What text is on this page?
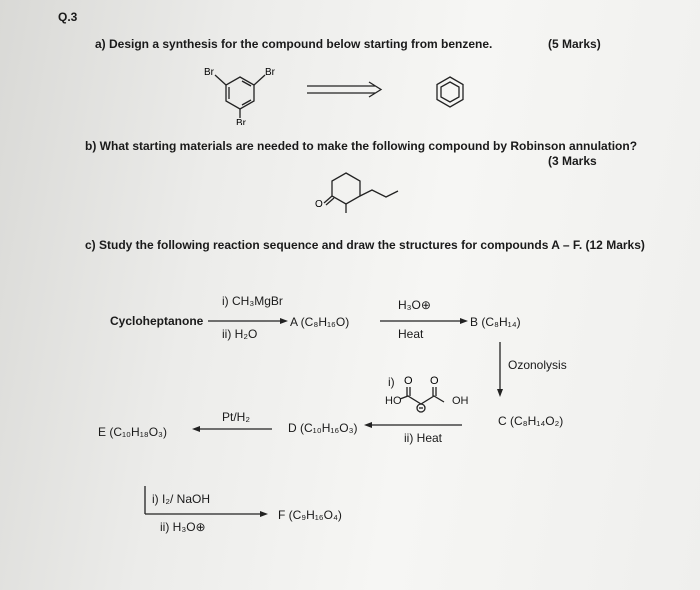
Q.3
a) Design a synthesis for the compound below starting from benzene.	(5 Marks)
Br	Br
Br
b) What starting materials are needed to make the following compound by Robinson annulation?
(3 Marks
O
c) Study the following reaction sequence and draw the structures for compounds A – F. (12 Marks)
Cycloheptanone
i) CH₃MgBr
ii) H₂O
A (C₈H₁₆O)
H₃O⊕
Heat
B (C₈H₁₄)
Ozonolysis
C (C₈H₁₄O₂)
i)
HO	OH
O O
ii) Heat
D (C₁₀H₁₆O₃)
Pt/H₂
E (C₁₀H₁₈O₃)
i) I₂/ NaOH
ii) H₃O⊕
F (C₉H₁₆O₄)
